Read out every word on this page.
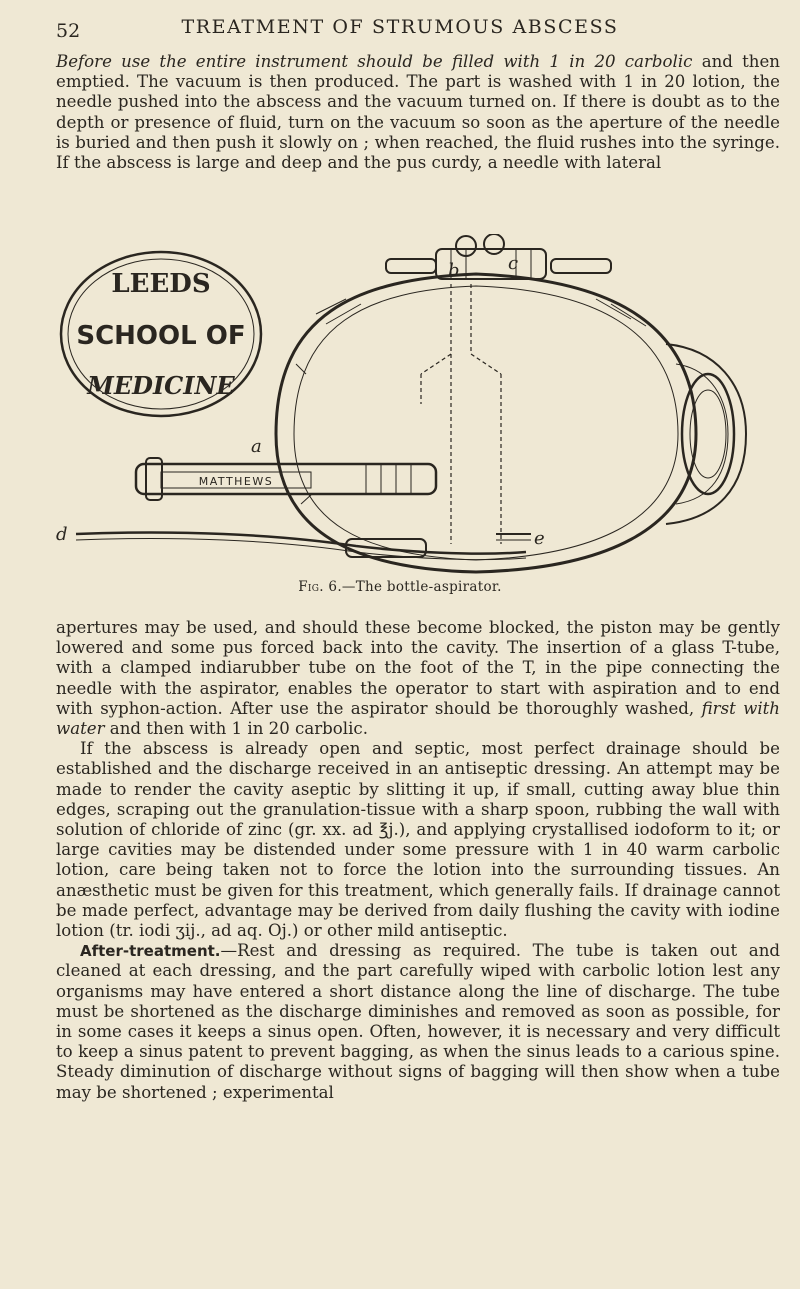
52	TREATMENT OF STRUMOUS ABSCESS

Before use the entire instrument should be filled with 1 in 20 carbolic and then emptied. The vacuum is then produced. The part is washed with 1 in 20 lotion, the needle pushed into the abscess and the vacuum turned on. If there is doubt as to the depth or presence of fluid, turn on the vacuum so soon as the aperture of the needle is buried and then push it slowly on ; when reached, the fluid rushes into the syringe. If the abscess is large and deep and the pus curdy, a needle with lateral

LEEDS
SCHOOL OF
MEDICINE
MATTHEWS
a
b	c
d	e
Fig. 6.—The bottle-aspirator.

apertures may be used, and should these become blocked, the piston may be gently lowered and some pus forced back into the cavity. The insertion of a glass T-tube, with a clamped indiarubber tube on the foot of the T, in the pipe connecting the needle with the aspirator, enables the operator to start with aspiration and to end with syphon-action. After use the aspirator should be thoroughly washed, first with water and then with 1 in 20 carbolic.

If the abscess is already open and septic, most perfect drainage should be established and the discharge received in an antiseptic dressing. An attempt may be made to render the cavity aseptic by slitting it up, if small, cutting away blue thin edges, scraping out the granulation-tissue with a sharp spoon, rubbing the wall with solution of chloride of zinc (gr. xx. ad ℥j.), and applying crystallised iodoform to it; or large cavities may be distended under some pressure with 1 in 40 warm carbolic lotion, care being taken not to force the lotion into the surrounding tissues. An anæsthetic must be given for this treatment, which generally fails. If drainage cannot be made perfect, advantage may be derived from daily flushing the cavity with iodine lotion (tr. iodi ʒij., ad aq. Oj.) or other mild antiseptic.

After-treatment.—Rest and dressing as required. The tube is taken out and cleaned at each dressing, and the part carefully wiped with carbolic lotion lest any organisms may have entered a short distance along the line of discharge. The tube must be shortened as the discharge diminishes and removed as soon as possible, for in some cases it keeps a sinus open. Often, however, it is necessary and very difficult to keep a sinus patent to prevent bagging, as when the sinus leads to a carious spine. Steady diminution of discharge without signs of bagging will then show when a tube may be shortened ; experimental
